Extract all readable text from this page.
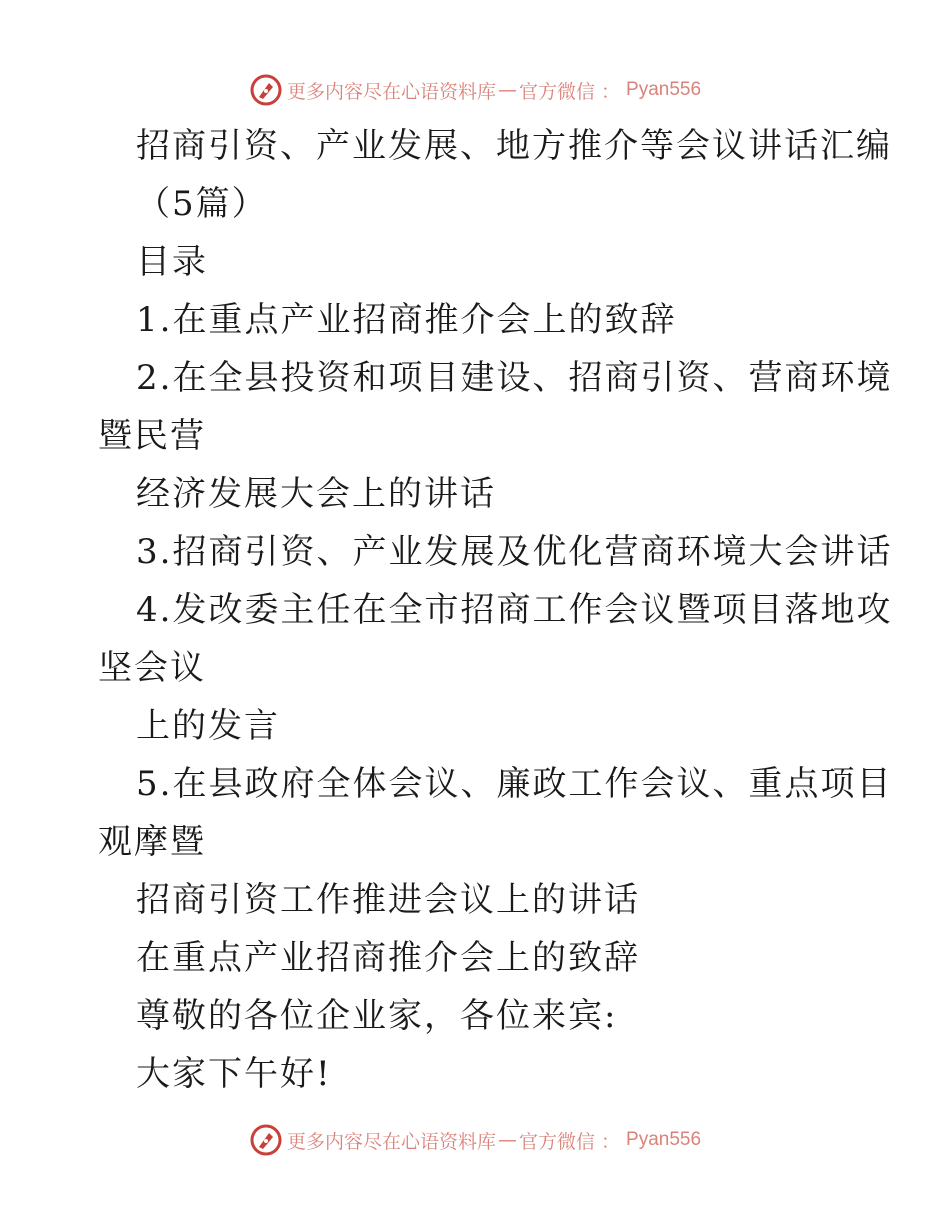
更多内容尽在心语资料库 — 官方微信 ： Pyan556
招商引资、产业发展、地方推介等会议讲话汇编
（5篇）
目录
1.在重点产业招商推介会上的致辞
2.在全县投资和项目建设、招商引资、营商环境
暨民营
经济发展大会上的讲话
3.招商引资、产业发展及优化营商环境大会讲话
4.发改委主任在全市招商工作会议暨项目落地攻
坚会议
上的发言
5.在县政府全体会议、廉政工作会议、重点项目
观摩暨
招商引资工作推进会议上的讲话
在重点产业招商推介会上的致辞
尊敬的各位企业家，各位来宾:
大家下午好!
更多内容尽在心语资料库 — 官方微信 ： Pyan556
